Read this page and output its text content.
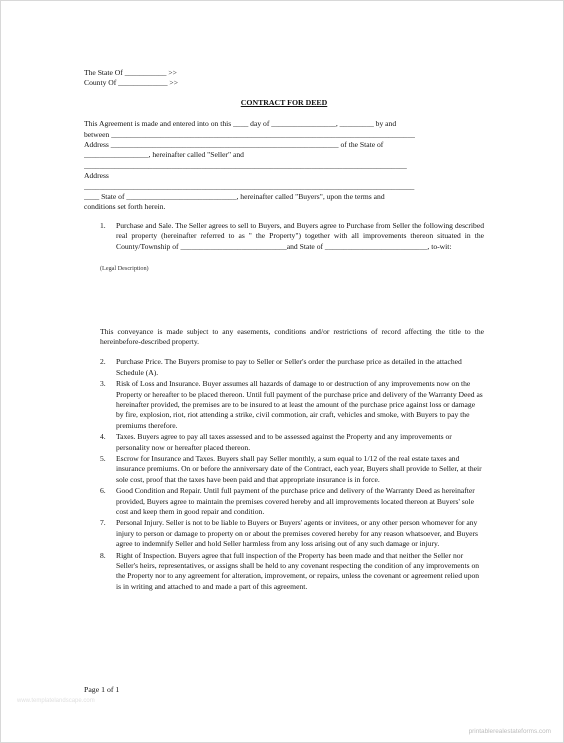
The State Of ___________ >>
County Of _____________ >>
CONTRACT FOR DEED
This Agreement is made and entered into on this ____ day of _________________, _________ by and
between ________________________________________________________________________________
Address ____________________________________________________________ of the State of
_________________, hereinafter called "Seller" and
_____________________________________________________________________________________
Address
_______________________________________________________________________________________
____ State of _____________________________, hereinafter called "Buyers", upon the terms and
conditions set forth herein.
1.	Purchase and Sale. The Seller agrees to sell to Buyers, and Buyers agree to Purchase from Seller the following described real property (hereinafter referred to as " the Property") together with all improvements thereon situated in the County/Township of ____________________________and State of ___________________________, to-wit:
(Legal Description)
This conveyance is made subject to any easements, conditions and/or restrictions of record affecting the title to the hereinbefore-described property.
2.	Purchase Price. The Buyers promise to pay to Seller or Seller's order the purchase price as detailed in the attached Schedule (A).
3.	Risk of Loss and Insurance. Buyer assumes all hazards of damage to or destruction of any improvements now on the Property or hereafter to be placed thereon. Until full payment of the purchase price and delivery of the Warranty Deed as hereinafter provided, the premises are to be insured to at least the amount of the purchase price against loss or damage by fire, explosion, riot, riot attending a strike, civil commotion, air craft, vehicles and smoke, with Buyers to pay the premiums therefore.
4.	Taxes. Buyers agree to pay all taxes assessed and to be assessed against the Property and any improvements or personality now or hereafter placed thereon.
5.	Escrow for Insurance and Taxes. Buyers shall pay Seller monthly, a sum equal to 1/12 of the real estate taxes and insurance premiums. On or before the anniversary date of the Contract, each year, Buyers shall provide to Seller, at their sole cost, proof that the taxes have been paid and that appropriate insurance is in force.
6.	Good Condition and Repair. Until full payment of the purchase price and delivery of the Warranty Deed as hereinafter provided, Buyers agree to maintain the premises covered hereby and all improvements located thereon at Buyers' sole cost and keep them in good repair and condition.
7.	Personal Injury. Seller is not to be liable to Buyers or Buyers' agents or invitees, or any other person whomever for any injury to person or damage to property on or about the premises covered hereby for any reason whatsoever, and Buyers agree to indemnify Seller and hold Seller harmless from any loss arising out of any such damage or injury.
8.	Right of Inspection. Buyers agree that full inspection of the Property has been made and that neither the Seller nor Seller's heirs, representatives, or assigns shall be held to any covenant respecting the condition of any improvements on the Property nor to any agreement for alteration, improvement, or repairs, unless the covenant or agreement relied upon is in writing and attached to and made a part of this agreement.
Page 1 of 1
www.templatelandscape.com
printablerealestateforms.com
